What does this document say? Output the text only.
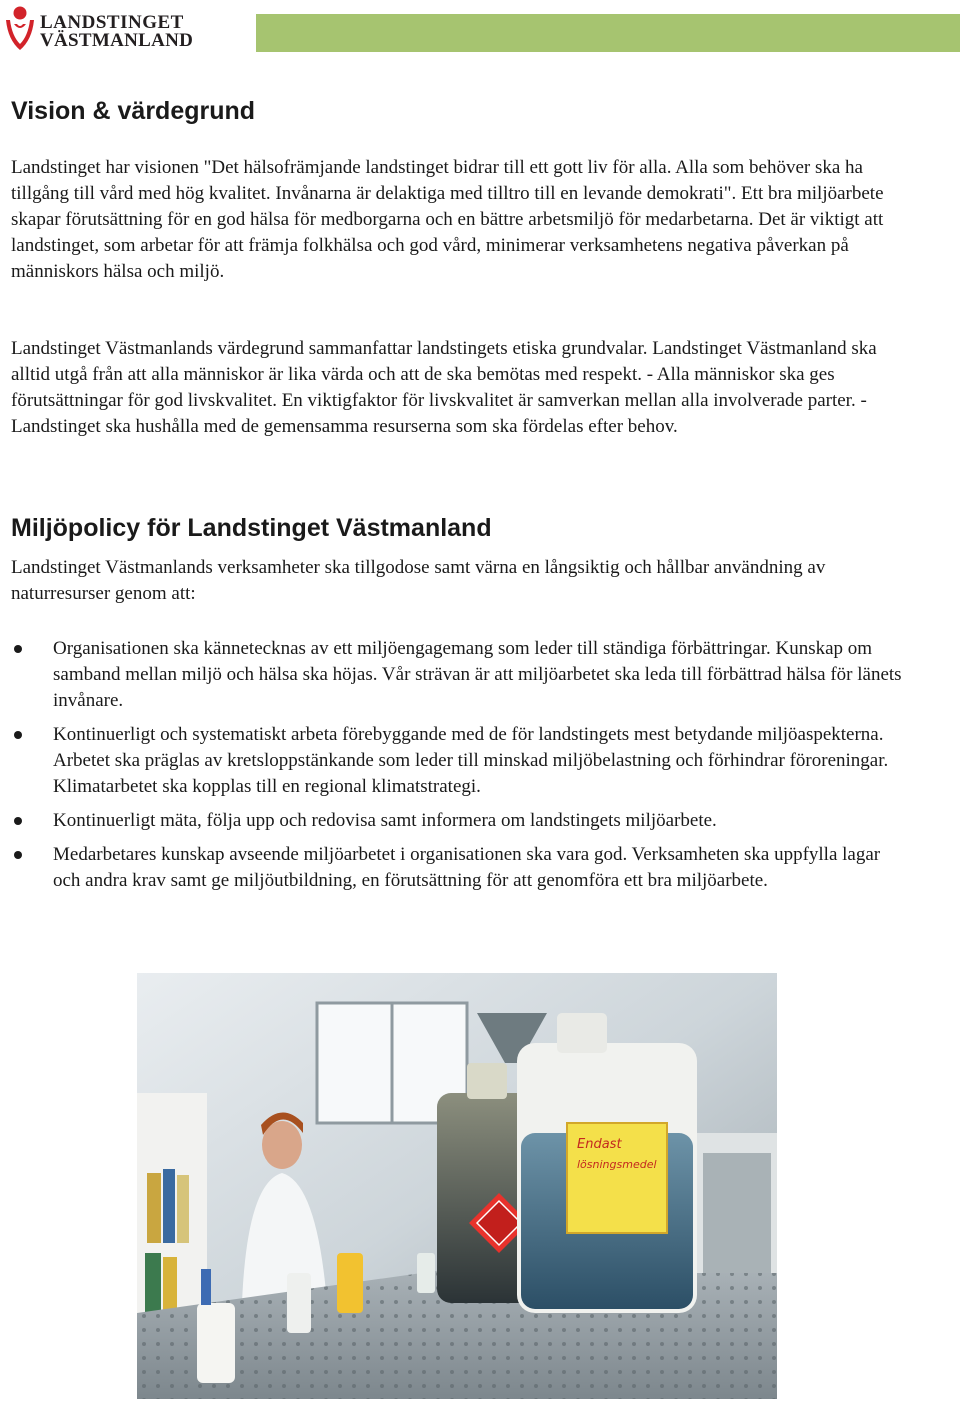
LANDSTINGET
VÄSTMANLAND
Vision & värdegrund

Landstinget har visionen "Det hälsofrämjande landstinget bidrar till ett gott liv för alla. Alla som behöver ska ha tillgång till vård med hög kvalitet. Invånarna är delaktiga med tilltro till en levande demokrati". Ett bra miljöarbete skapar förutsättning för en god hälsa för medborgarna och en bättre arbetsmiljö för medarbetarna. Det är viktigt att landstinget, som arbetar för att främja folkhälsa och god vård, minimerar verksamhetens negativa påverkan på människors hälsa och miljö.

Landstinget Västmanlands värdegrund sammanfattar landstingets etiska grundvalar. Landstinget Västmanland ska alltid utgå från att alla människor är lika värda och att de ska bemötas med respekt. - Alla människor ska ges förutsättningar för god livskvalitet. En viktigfaktor för livskvalitet är samverkan mellan alla involverade parter. - Landstinget ska hushålla med de gemensamma resurserna som ska fördelas efter behov.

Miljöpolicy för Landstinget Västmanland

Landstinget Västmanlands verksamheter ska tillgodose samt värna en långsiktig och hållbar användning av naturresurser genom att:

Organisationen ska kännetecknas av ett miljöengagemang som leder till ständiga förbättringar. Kunskap om samband mellan miljö och hälsa ska höjas. Vår strävan är att miljöarbetet ska leda till förbättrad hälsa för länets invånare.
Kontinuerligt och systematiskt arbeta förebyggande med de för landstingets mest betydande miljöaspekterna. Arbetet ska präglas av kretsloppstänkande som leder till minskad miljöbelastning och förhindrar föroreningar. Klimatarbetet ska kopplas till en regional klimatstrategi.
Kontinuerligt mäta, följa upp och redovisa samt informera om landstingets miljöarbete.
Medarbetares kunskap avseende miljöarbetet i organisationen ska vara god. Verksamheten ska uppfylla lagar och andra krav samt ge miljöutbildning, en förutsättning för att genomföra ett bra miljöarbete.
Endast
lösningsmedel
